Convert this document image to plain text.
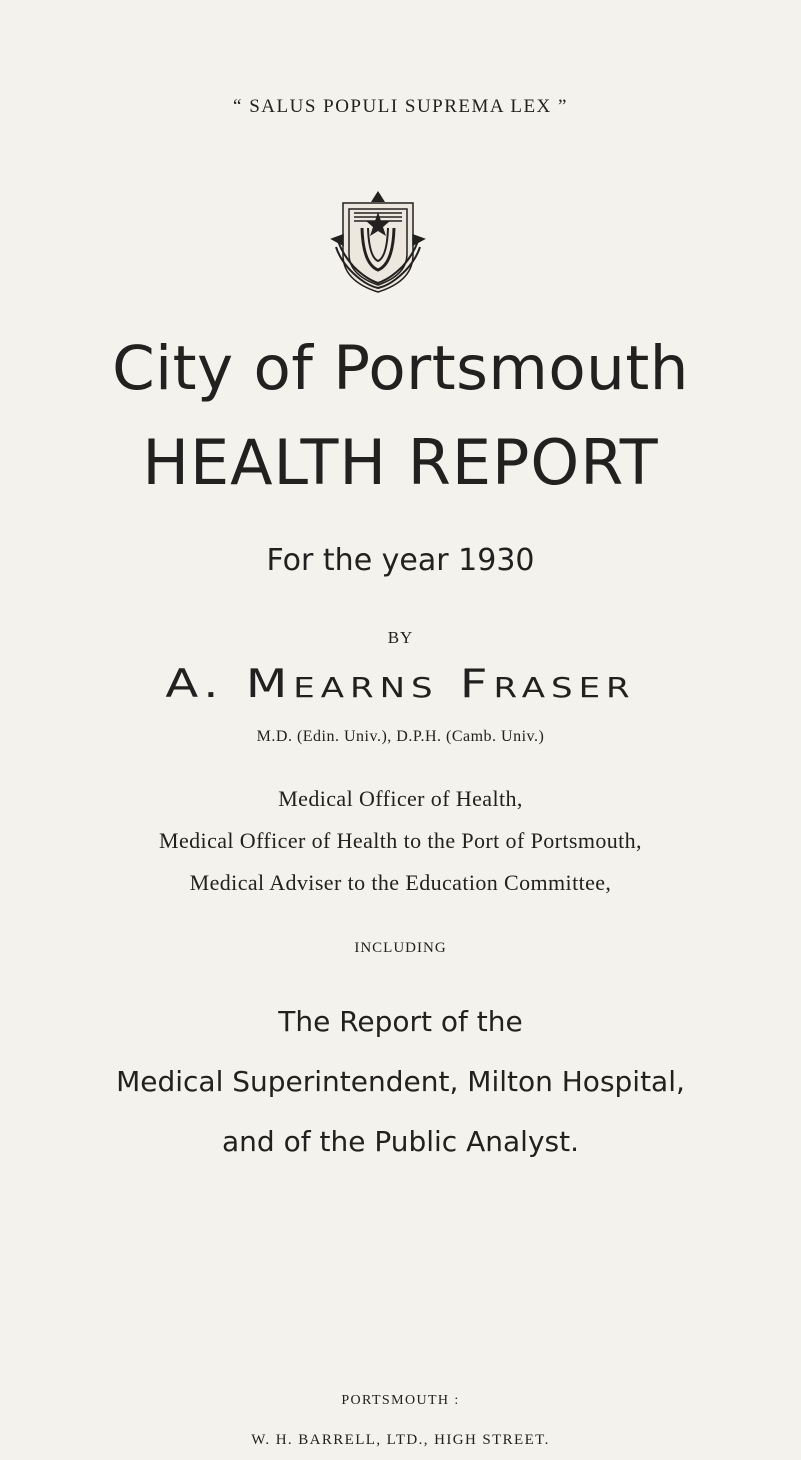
“ SALUS POPULI SUPREMA LEX ”
City of Portsmouth
HEALTH REPORT
For the year 1930
BY
A. Mearns Fraser
M.D. (Edin. Univ.), D.P.H. (Camb. Univ.)
Medical Officer of Health,
Medical Officer of Health to the Port of Portsmouth,
Medical Adviser to the Education Committee,
INCLUDING
The Report of the
Medical Superintendent, Milton Hospital,
and of the Public Analyst.
PORTSMOUTH :
W. H. BARRELL, LTD., HIGH STREET.
